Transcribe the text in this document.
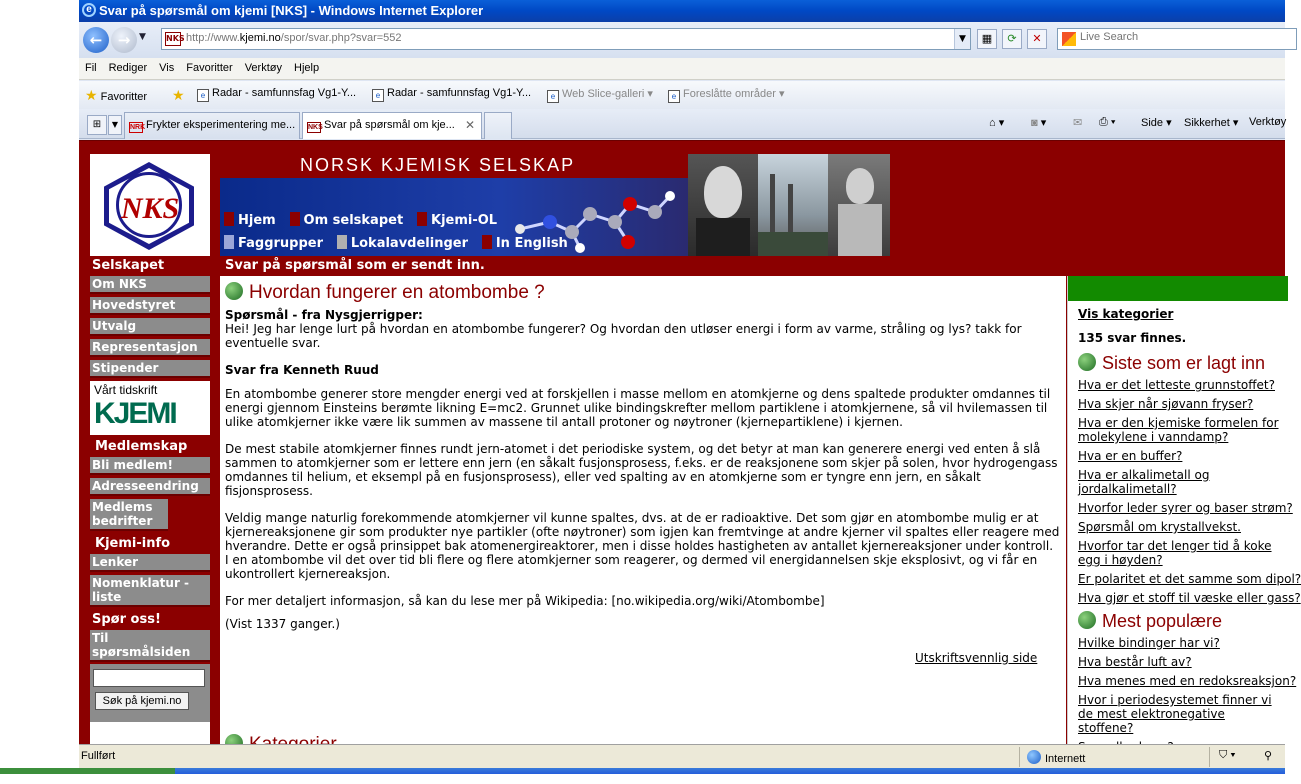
e Svar på spørsmål om kjemi [NKS] - Windows Internet Explorer
←	→ ▼	NKS http://www.kjemi.no/spor/svar.php?svar=552	▼	▦	⟳	✕
Live Search
Fil Rediger Vis Favoritter Verktøy Hjelp
★ Favoritter ★	e Radar - samfunnsfag Vg1-Y...	e Radar - samfunnsfag Vg1-Y...	e Web Slice-galleri ▾	e Foreslåtte områder ▾
⊞	▼	NRKFrykter eksperimentering me...	NKSSvar på spørsmål om kje... ✕	⌂ ▾ ◙ ▾ ✉ ⎙ ▾ Side ▾ Sikkerhet ▾ Verktøy
NKS
NORSK KJEMISK SELSKAP
Hjem Om selskapet Kjemi-OL
Faggrupper Lokalavdelinger In English
Selskapet
Om NKS
Hovedstyret
Utvalg
Representasjon
Stipender
Vårt tidskrift
KJEMI
Medlemskap
Bli medlem!
Adresseendring
Medlems bedrifter
Kjemi-info
Lenker
Nomenklatur - liste
Spør oss!
Til spørsmålsiden
Søk på kjemi.no
Svar på spørsmål som er sendt inn.
Hvordan fungerer en atombombe ?
Spørsmål - fra Nysgjerrigper:
Hei! Jeg har lenge lurt på hvordan en atombombe fungerer? Og hvordan den utløser energi i form av varme, stråling og lys? takk for eventuelle svar.
Svar fra Kenneth Ruud
En atombombe generer store mengder energi ved at forskjellen i masse mellom en atomkjerne og dens spaltede produkter omdannes til energi gjennom Einsteins berømte likning E=mc2. Grunnet ulike bindingskrefter mellom partiklene i atomkjernene, så vil hvilemassen til ulike atomkjerner ikke være lik summen av massene til antall protoner og nøytroner (kjernepartiklene) i kjernen.
De mest stabile atomkjerner finnes rundt jern-atomet i det periodiske system, og det betyr at man kan generere energi ved enten å slå sammen to atomkjerner som er lettere enn jern (en såkalt fusjonsprosess, f.eks. er de reaksjonene som skjer på solen, hvor hydrogengass omdannes til helium, et eksempl på en fusjonsprosess), eller ved spalting av en atomkjerne som er tyngre enn jern, en såkalt fisjonsprosess.
Veldig mange naturlig forekommende atomkjerner vil kunne spaltes, dvs. at de er radioaktive. Det som gjør en atombombe mulig er at kjernereaksjonene gir som produkter nye partikler (ofte nøytroner) som igjen kan fremtvinge at andre kjerner vil spaltes eller reagere med hverandre. Dette er også prinsippet bak atomenergireaktorer, men i disse holdes hastigheten av antallet kjernereaksjoner under kontroll. I en atombombe vil det over tid bli flere og flere atomkjerner som reagerer, og dermed vil energidannelsen skje eksplosivt, og vi får en ukontrollert kjernereaksjon.
For mer detaljert informasjon, så kan du lese mer på Wikipedia: [no.wikipedia.org/wiki/Atombombe]
(Vist 1337 ganger.)
Utskriftsvennlig side
Vis kategorier
135 svar finnes.
Siste som er lagt inn
Hva er det letteste grunnstoffet?
Hva skjer når sjøvann fryser?
Hva er den kjemiske formelen for molekylene i vanndamp?
Hva er en buffer?
Hva er alkalimetall og jordalkalimetall?
Hvorfor leder syrer og baser strøm?
Spørsmål om krystallvekst.
Hvorfor tar det lenger tid å koke egg i høyden?
Er polaritet et det samme som dipol?
Hva gjør et stoff til væske eller gass?
Mest populære
Hvilke bindinger har vi?
Hva består luft av?
Hva menes med en redoksreaksjon?
Hvor i periodesystemet finner vi de mest elektronegative stoffene?
Fullført	Internett	⛉ ▾	⚲
